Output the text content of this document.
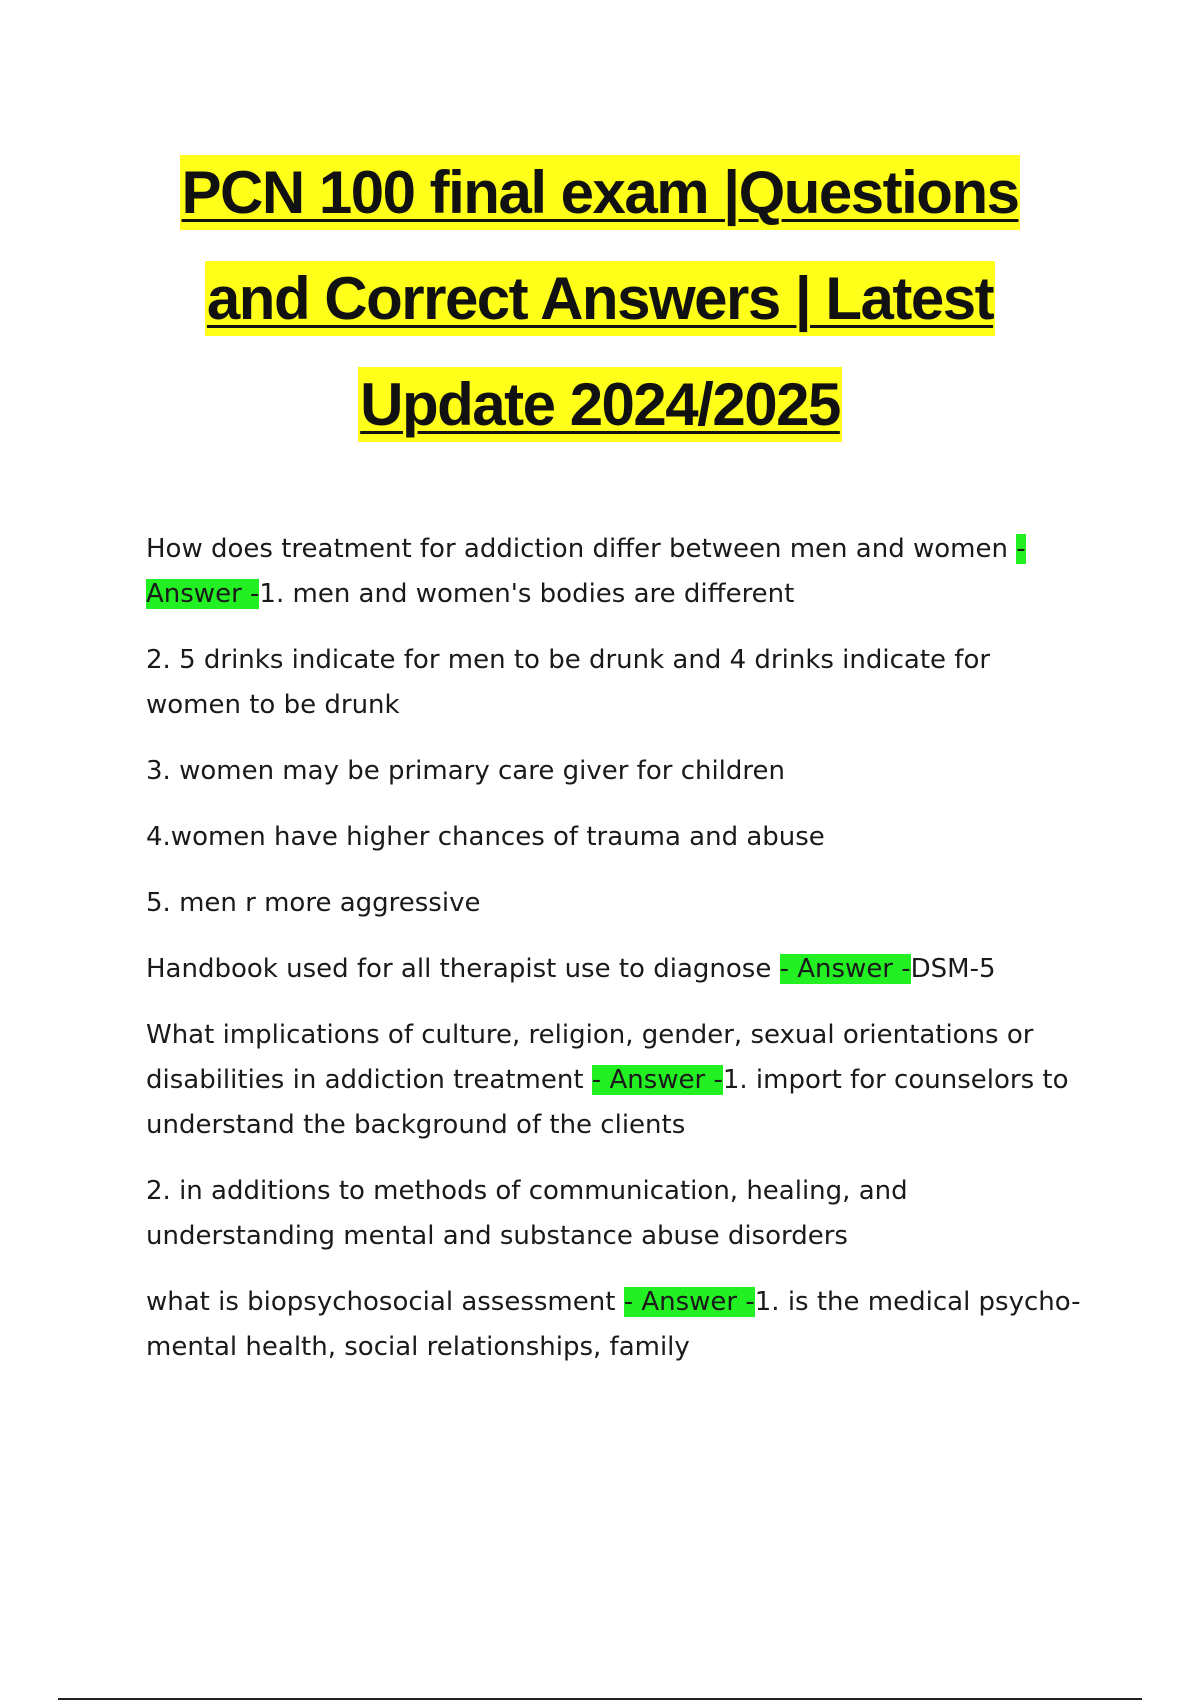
PCN 100 final exam |Questions
and Correct Answers | Latest
Update 2024/2025

How does treatment for addiction differ between men and women - Answer -1. men and women's bodies are different

2. 5 drinks indicate for men to be drunk and 4 drinks indicate for women to be drunk

3. women may be primary care giver for children

4.women have higher chances of trauma and abuse

5. men r more aggressive

Handbook used for all therapist use to diagnose - Answer -DSM-5

What implications of culture, religion, gender, sexual orientations or disabilities in addiction treatment - Answer -1. import for counselors to understand the background of the clients

2. in additions to methods of communication, healing, and understanding mental and substance abuse disorders

what is biopsychosocial assessment - Answer -1. is the medical psycho-mental health, social relationships, family
